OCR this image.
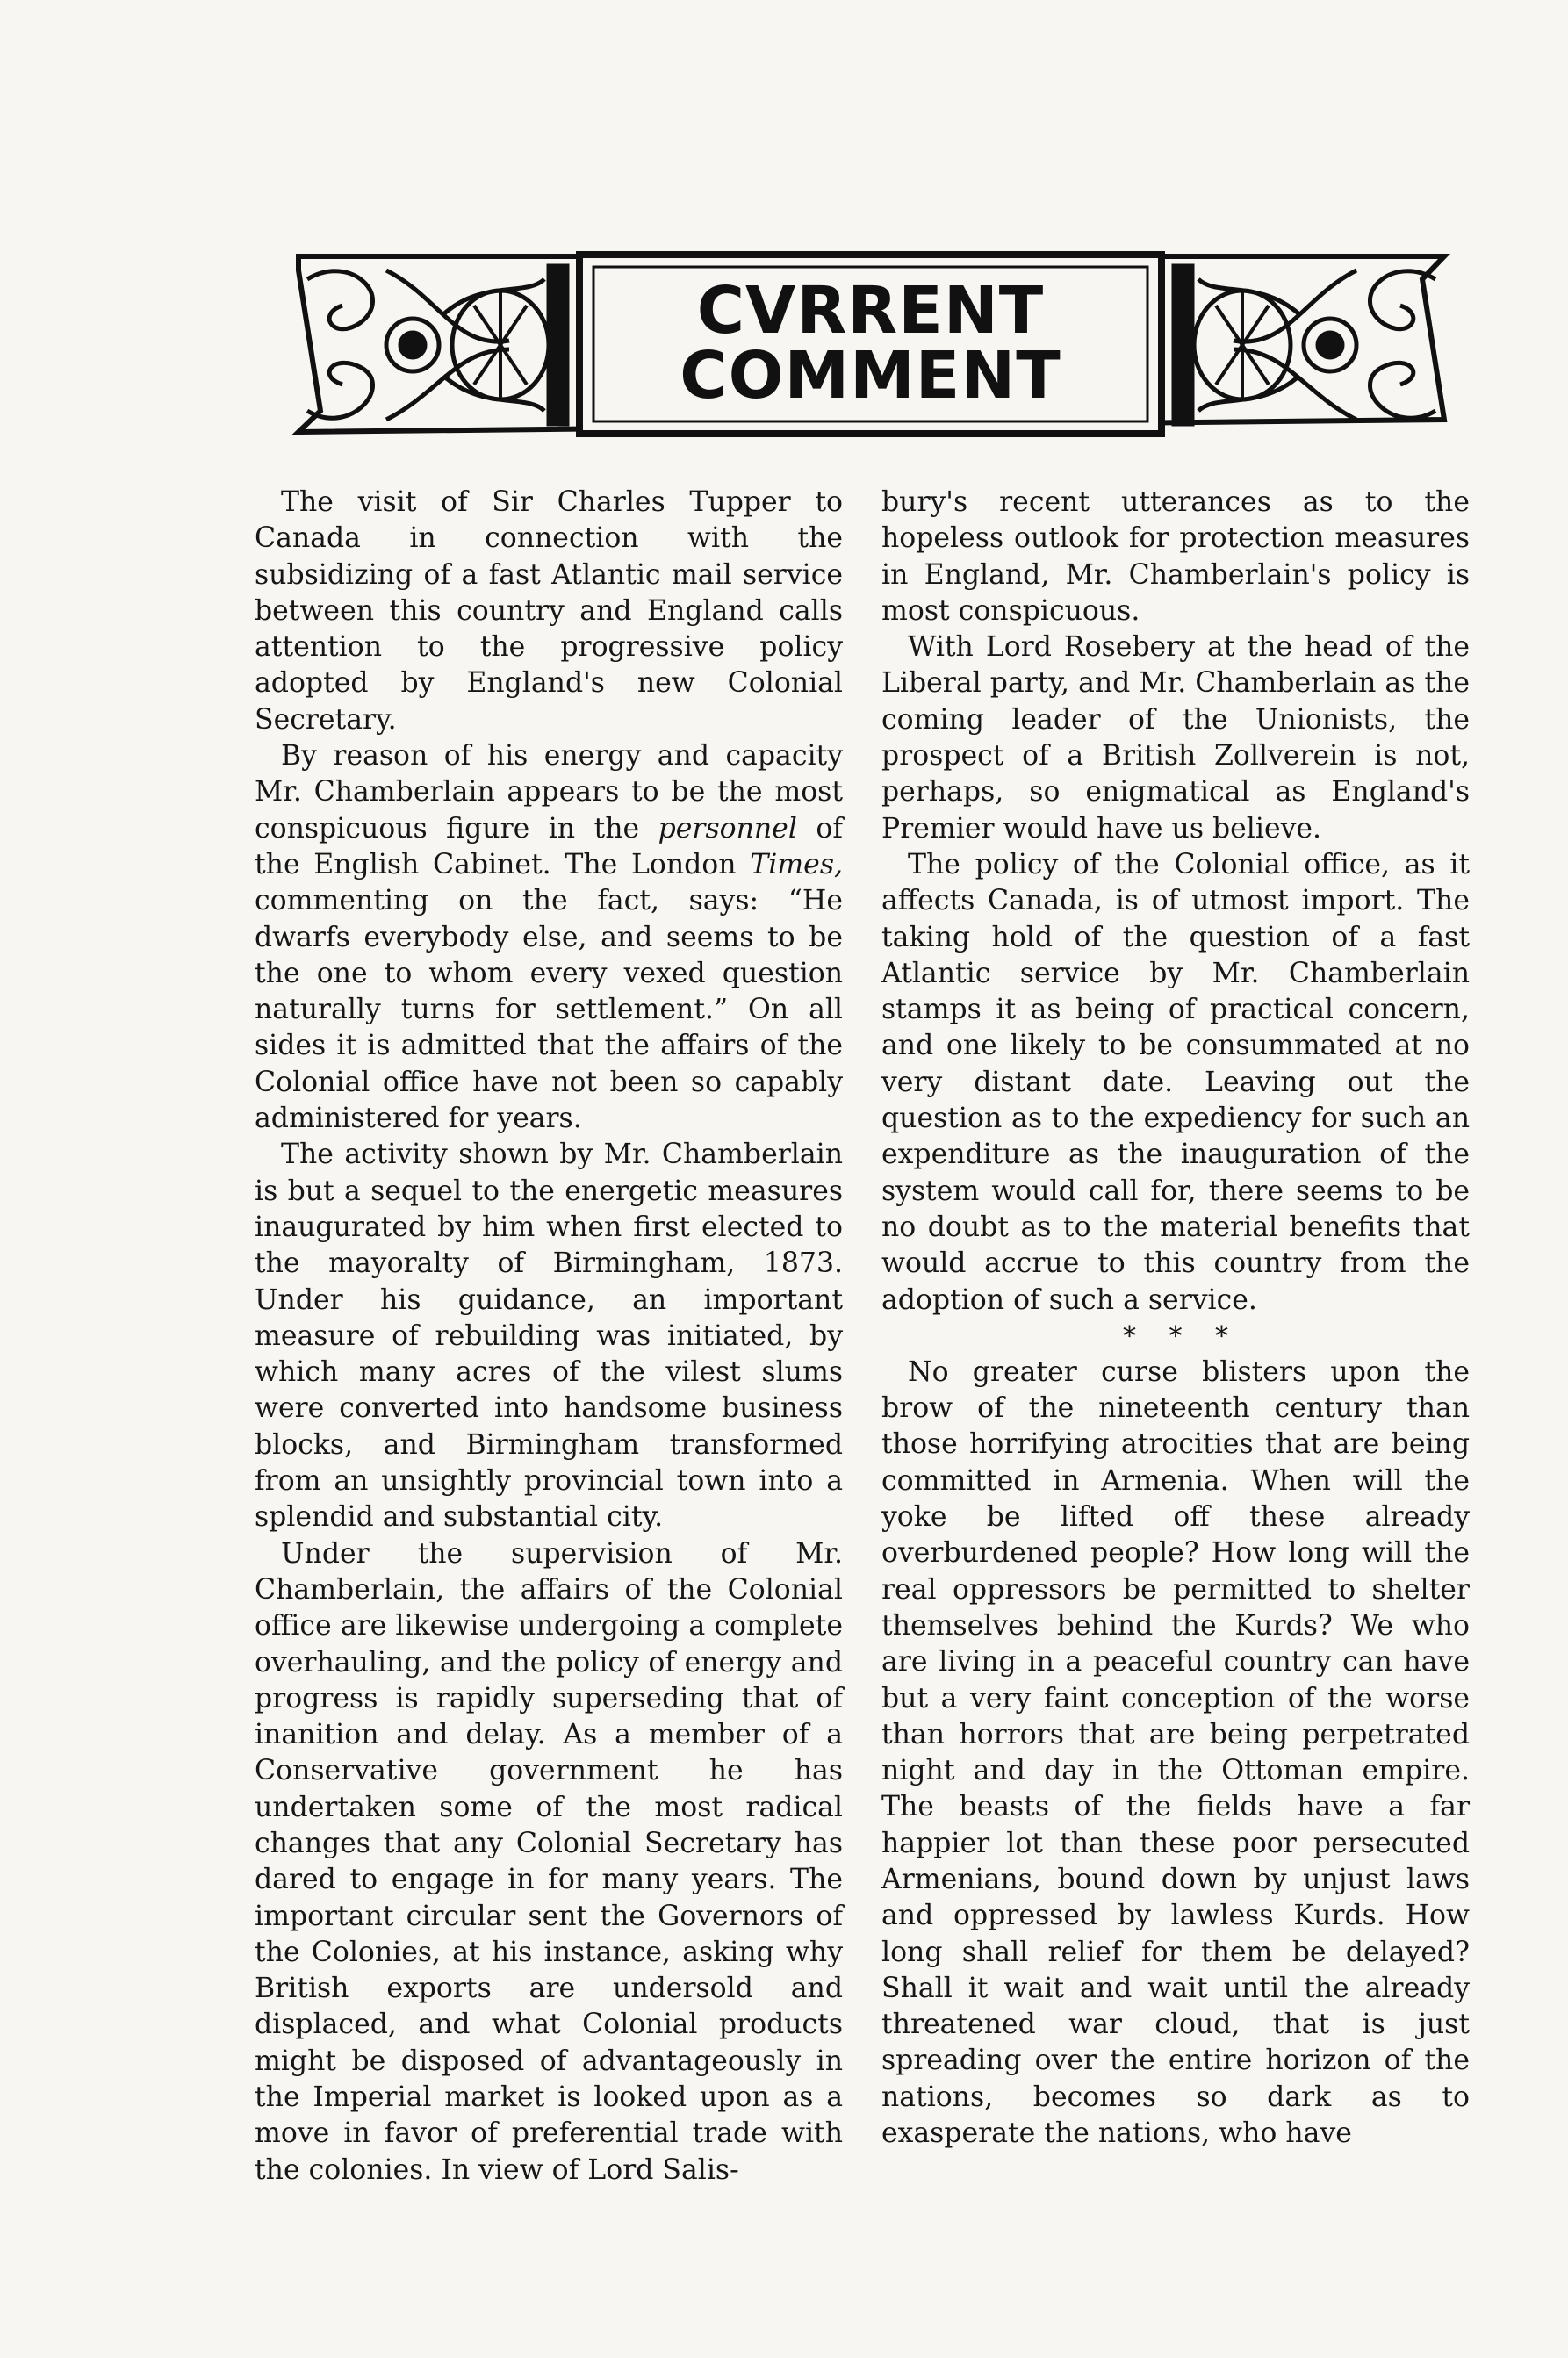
CVRRENT
COMMENT

The visit of Sir Charles Tupper to Canada in connection with the subsidizing of a fast Atlantic mail service between this country and England calls attention to the progressive policy adopted by England's new Colonial Secretary.

By reason of his energy and capacity Mr. Chamberlain appears to be the most conspicuous figure in the personnel of the English Cabinet. The London Times, commenting on the fact, says: “He dwarfs everybody else, and seems to be the one to whom every vexed question naturally turns for settlement.” On all sides it is admitted that the affairs of the Colonial office have not been so capably administered for years.

The activity shown by Mr. Chamberlain is but a sequel to the energetic measures inaugurated by him when first elected to the mayoralty of Birmingham, 1873. Under his guidance, an important measure of rebuilding was initiated, by which many acres of the vilest slums were converted into handsome business blocks, and Birmingham transformed from an unsightly provincial town into a splendid and substantial city.

Under the supervision of Mr. Chamberlain, the affairs of the Colonial office are likewise undergoing a complete overhauling, and the policy of energy and progress is rapidly superseding that of inanition and delay. As a member of a Conservative government he has undertaken some of the most radical changes that any Colonial Secretary has dared to engage in for many years. The important circular sent the Governors of the Colonies, at his instance, asking why British exports are undersold and displaced, and what Colonial products might be disposed of advantageously in the Imperial market is looked upon as a move in favor of preferential trade with the colonies. In view of Lord Salis-

bury's recent utterances as to the hopeless outlook for protection measures in England, Mr. Chamberlain's policy is most conspicuous.

With Lord Rosebery at the head of the Liberal party, and Mr. Chamberlain as the coming leader of the Unionists, the prospect of a British Zollverein is not, perhaps, so enigmatical as England's Premier would have us believe.

The policy of the Colonial office, as it affects Canada, is of utmost import. The taking hold of the question of a fast Atlantic service by Mr. Chamberlain stamps it as being of practical concern, and one likely to be consummated at no very distant date. Leaving out the question as to the expediency for such an expenditure as the inauguration of the system would call for, there seems to be no doubt as to the material benefits that would accrue to this country from the adoption of such a service.

* * *

No greater curse blisters upon the brow of the nineteenth century than those horrifying atrocities that are being committed in Armenia. When will the yoke be lifted off these already overburdened people? How long will the real oppressors be permitted to shelter themselves behind the Kurds? We who are living in a peaceful country can have but a very faint conception of the worse than horrors that are being perpetrated night and day in the Ottoman empire. The beasts of the fields have a far happier lot than these poor persecuted Armenians, bound down by unjust laws and oppressed by lawless Kurds. How long shall relief for them be delayed? Shall it wait and wait until the already threatened war cloud, that is just spreading over the entire horizon of the nations, becomes so dark as to exasperate the nations, who have
